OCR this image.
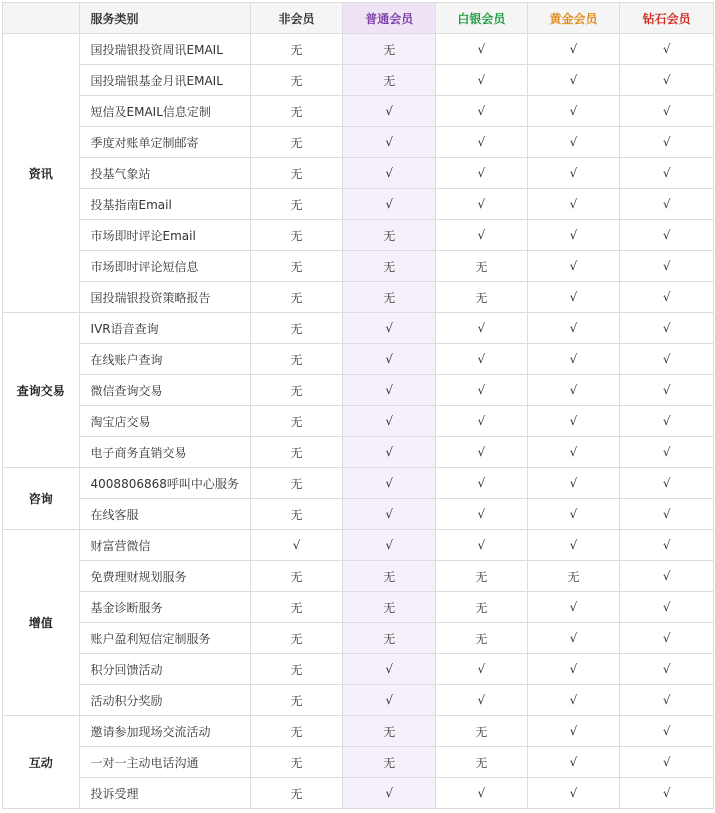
	服务类别	非会员	普通会员	白银会员	黄金会员	钻石会员
资讯	国投瑞银投资周讯EMAIL	无	无	√	√	√
	国投瑞银基金月讯EMAIL	无	无	√	√	√
	短信及EMAIL信息定制	无	√	√	√	√
	季度对账单定制邮寄	无	√	√	√	√
	投基气象站	无	√	√	√	√
	投基指南Email	无	√	√	√	√
	市场即时评论Email	无	无	√	√	√
	市场即时评论短信息	无	无	无	√	√
	国投瑞银投资策略报告	无	无	无	√	√
查询交易	IVR语音查询	无	√	√	√	√
	在线账户查询	无	√	√	√	√
	微信查询交易	无	√	√	√	√
	淘宝店交易	无	√	√	√	√
	电子商务直销交易	无	√	√	√	√
咨询	4008806868呼叫中心服务	无	√	√	√	√
	在线客服	无	√	√	√	√
增值	财富营微信	√	√	√	√	√
	免费理财规划服务	无	无	无	无	√
	基金诊断服务	无	无	无	√	√
	账户盈利短信定制服务	无	无	无	√	√
	积分回馈活动	无	√	√	√	√
	活动积分奖励	无	√	√	√	√
互动	邀请参加现场交流活动	无	无	无	√	√
	一对一主动电话沟通	无	无	无	√	√
	投诉受理	无	√	√	√	√
